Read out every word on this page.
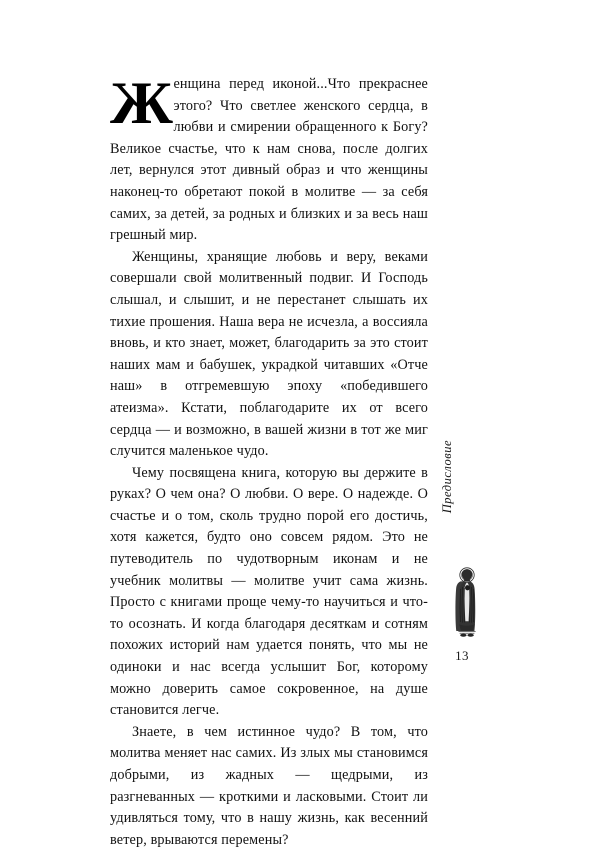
Женщина перед иконой...Что прекраснее этого? Что светлее женского сердца, в любви и смирении обращенного к Богу? Великое счастье, что к нам снова, после долгих лет, вернулся этот дивный образ и что женщины наконец-то обретают покой в молитве — за себя самих, за детей, за родных и близких и за весь наш грешный мир.

Женщины, хранящие любовь и веру, веками совершали свой молитвенный подвиг. И Господь слышал, и слышит, и не перестанет слышать их тихие прошения. Наша вера не исчезла, а воссияла вновь, и кто знает, может, благодарить за это стоит наших мам и бабушек, украдкой читавших «Отче наш» в отгремевшую эпоху «победившего атеизма». Кстати, поблагодарите их от всего сердца — и возможно, в вашей жизни в тот же миг случится маленькое чудо.

Чему посвящена книга, которую вы держите в руках? О чем она? О любви. О вере. О надежде. О счастье и о том, сколь трудно порой его достичь, хотя кажется, будто оно совсем рядом. Это не путеводитель по чудотворным иконам и не учебник молитвы — молитве учит сама жизнь. Просто с книгами проще чему-то научиться и что-то осознать. И когда благодаря десяткам и сотням похожих историй нам удается понять, что мы не одиноки и нас всегда услышит Бог, которому можно доверить самое сокровенное, на душе становится легче.

Знаете, в чем истинное чудо? В том, что молитва меняет нас самих. Из злых мы становимся добрыми, из жадных — щедрыми, из разгневанных — кроткими и ласковыми. Стоит ли удивляться тому, что в нашу жизнь, как весенний ветер, врываются перемены?

Предисловие
13
